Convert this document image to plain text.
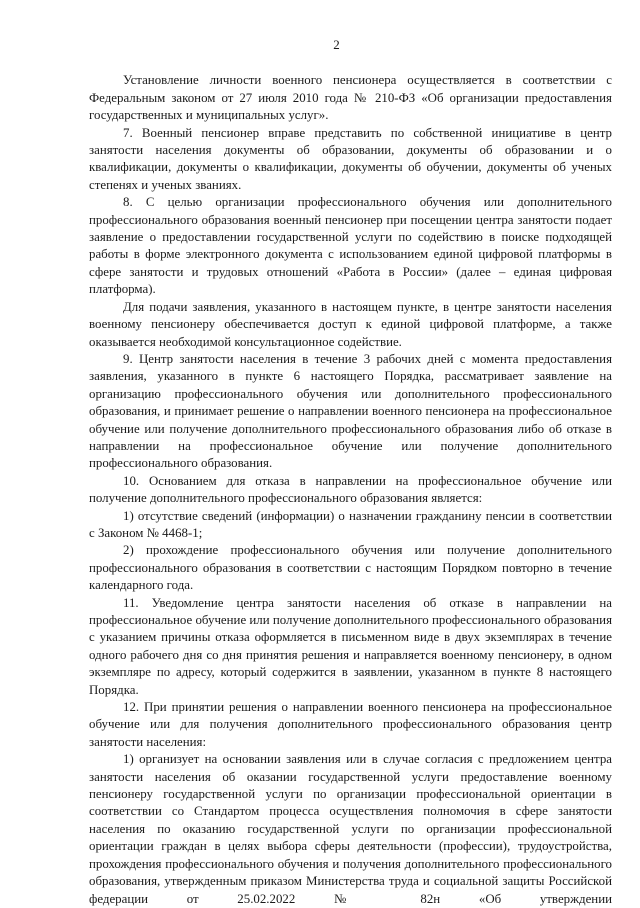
2

Установление личности военного пенсионера осуществляется в соответствии с Федеральным законом от 27 июля 2010 года № 210-ФЗ «Об организации предоставления государственных и муниципальных услуг».

7. Военный пенсионер вправе представить по собственной инициативе в центр занятости населения документы об образовании, документы об образовании и о квалификации, документы о квалификации, документы об обучении, документы об ученых степенях и ученых званиях.

8. С целью организации профессионального обучения или дополнительного профессионального образования военный пенсионер при посещении центра занятости подает заявление о предоставлении государственной услуги по содействию в поиске подходящей работы в форме электронного документа с использованием единой цифровой платформы в сфере занятости и трудовых отношений «Работа в России» (далее – единая цифровая платформа).

Для подачи заявления, указанного в настоящем пункте, в центре занятости населения военному пенсионеру обеспечивается доступ к единой цифровой платформе, а также оказывается необходимой консультационное содействие.

9. Центр занятости населения в течение 3 рабочих дней с момента предоставления заявления, указанного в пункте 6 настоящего Порядка, рассматривает заявление на организацию профессионального обучения или дополнительного профессионального образования, и принимает решение о направлении военного пенсионера на профессиональное обучение или получение дополнительного профессионального образования либо об отказе в направлении на профессиональное обучение или получение дополнительного профессионального образования.

10. Основанием для отказа в направлении на профессиональное обучение или получение дополнительного профессионального образования является:

1) отсутствие сведений (информации) о назначении гражданину пенсии в соответствии с Законом № 4468-1;

2) прохождение профессионального обучения или получение дополнительного профессионального образования в соответствии с настоящим Порядком повторно в течение календарного года.

11. Уведомление центра занятости населения об отказе в направлении на профессиональное обучение или получение дополнительного профессионального образования с указанием причины отказа оформляется в письменном виде в двух экземплярах в течение одного рабочего дня со дня принятия решения и направляется военному пенсионеру, в одном экземпляре по адресу, который содержится в заявлении, указанном в пункте 8 настоящего Порядка.

12. При принятии решения о направлении военного пенсионера на профессиональное обучение или для получения дополнительного профессионального образования центр занятости населения:

1) организует на основании заявления или в случае согласия с предложением центра занятости населения об оказании государственной услуги предоставление военному пенсионеру государственной услуги по организации профессиональной ориентации в соответствии со Стандартом процесса осуществления полномочия в сфере занятости населения по оказанию государственной услуги по организации профессиональной ориентации граждан в целях выбора сферы деятельности (профессии), трудоустройства, прохождения профессионального обучения и получения дополнительного профессионального образования, утвержденным приказом Министерства труда и социальной защиты Российской федерации от 25.02.2022 № 82н «Об утверждении
